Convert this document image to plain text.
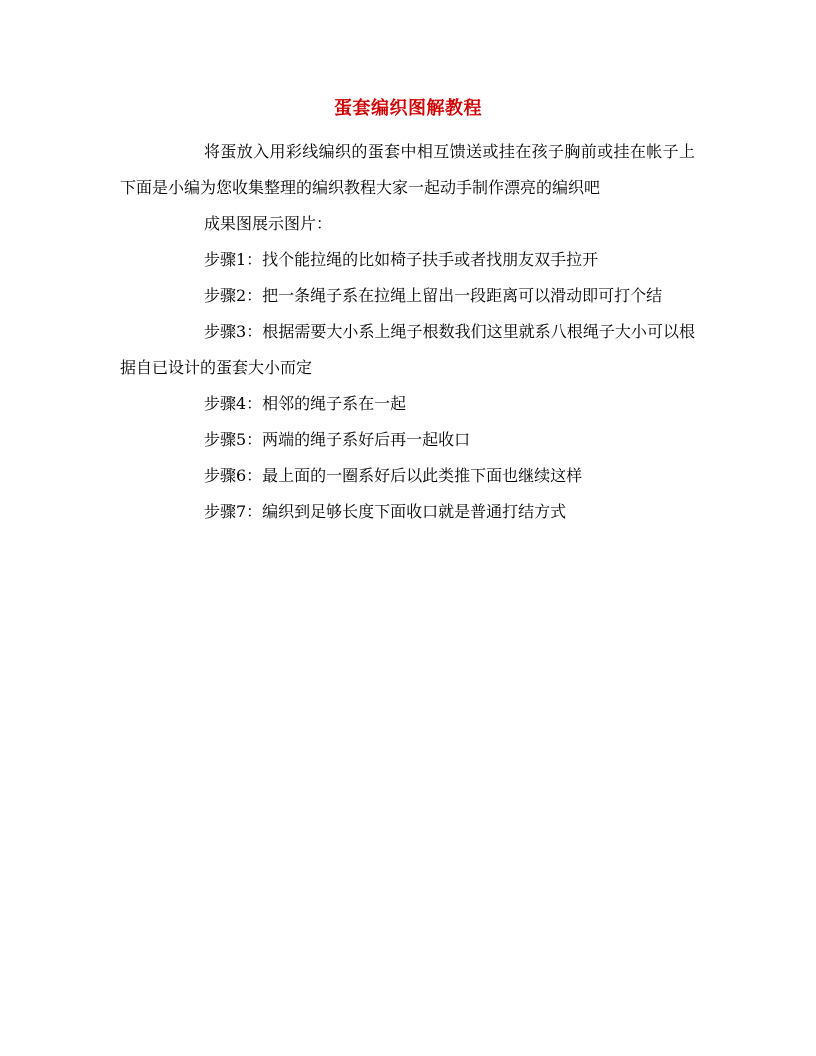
蛋套编织图解教程

将蛋放入用彩线编织的蛋套中相互馈送或挂在孩子胸前或挂在帐子上下面是小编为您收集整理的编织教程大家一起动手制作漂亮的编织吧

成果图展示图片：

步骤1：找个能拉绳的比如椅子扶手或者找朋友双手拉开

步骤2：把一条绳子系在拉绳上留出一段距离可以滑动即可打个结

步骤3：根据需要大小系上绳子根数我们这里就系八根绳子大小可以根据自已设计的蛋套大小而定

步骤4：相邻的绳子系在一起

步骤5：两端的绳子系好后再一起收口

步骤6：最上面的一圈系好后以此类推下面也继续这样

步骤7：编织到足够长度下面收口就是普通打结方式
